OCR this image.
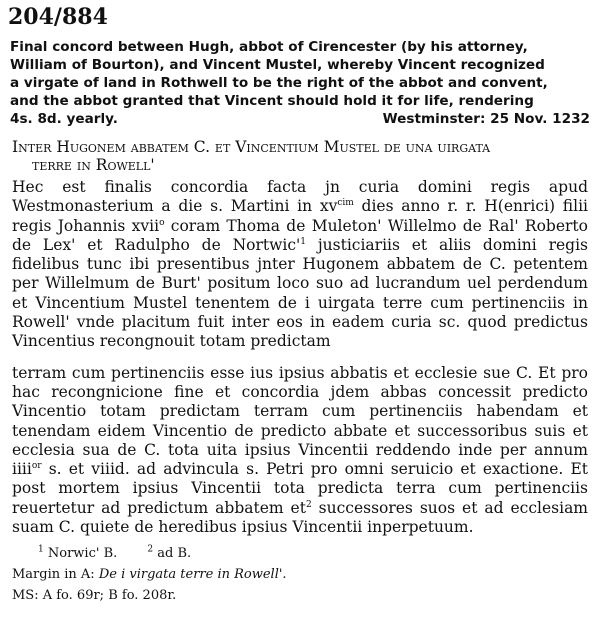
204/884
Final concord between Hugh, abbot of Cirencester (by his attorney,
William of Bourton), and Vincent Mustel, whereby Vincent recognized
a virgate of land in Rothwell to be the right of the abbot and convent,
and the abbot granted that Vincent should hold it for life, rendering
4s. 8d. yearly.	Westminster: 25 Nov. 1232
Inter Hugonem abbatem C. et Vincentium Mustel de una uirgata
terre in Rowell'
Hec est finalis concordia facta jn curia domini regis apud Westmonasterium a die s. Martini in $xv^{cim}$ dies anno r. r. H(enrici) filii regis Johannis xvii$^o$ coram Thoma de Muleton' Willelmo de Ral' Roberto de Lex' et Radulpho de $Nortwic'^1$ justiciariis et aliis domini regis fidelibus tunc ibi presentibus jnter Hugonem abbatem de C. petentem per Willelmum de Burt' positum loco suo ad lucrandum uel perdendum et Vincentium Mustel tenentem de i uirgata terre cum pertinenciis in Rowell' vnde placitum fuit inter eos in eadem curia sc. quod predictus Vincentius recongnouit totam predictam
terram cum pertinenciis esse ius ipsius abbatis et ecclesie sue C. Et pro hac recongnicione fine et concordia jdem abbas concessit predicto Vincentio totam predictam terram cum pertinenciis habendam et tenendam eidem Vincentio de predicto abbate et successoribus suis et ecclesia sua de C. tota uita ipsius Vincentii reddendo inde per annum iiii$^{or}$ s. et viiid. ad advincula s. Petri pro omni seruicio et exactione. Et post mortem ipsius Vincentii tota predicta terra cum pertinenciis reuertetur ad predictum abbatem $et^2$ successores suos et ad ecclesiam suam C. quiete de heredibus ipsius Vincentii inperpetuum.
$^1$ Norwic' B.	$^2$ ad B.
Margin in A: De i virgata terre in Rowell'.
MS: A fo. 69r; B fo. 208r.
